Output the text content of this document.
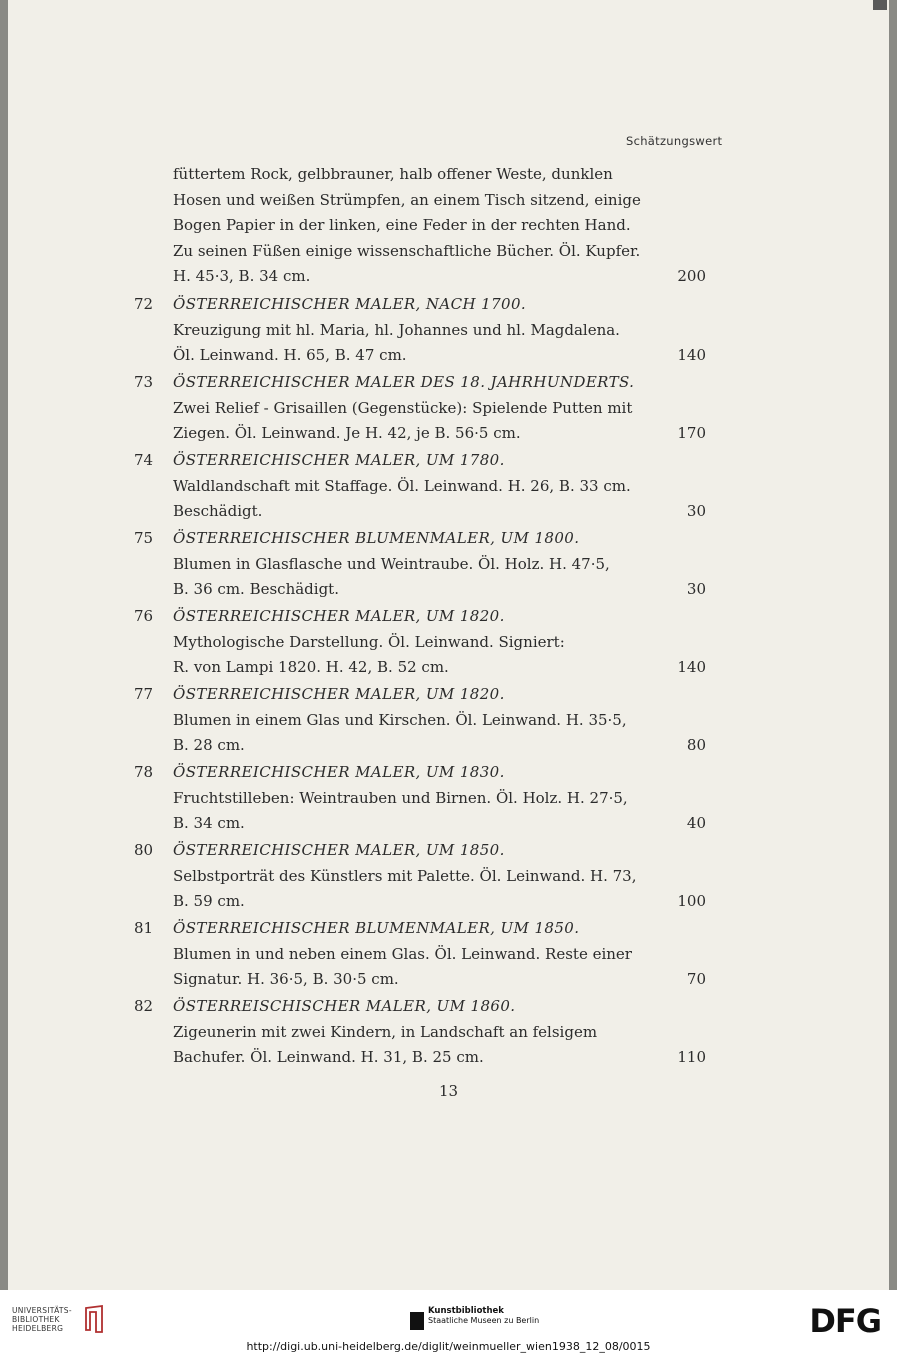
Schätzungswert
füttertem Rock, gelbbrauner, halb offener Weste, dunklen
Hosen und weißen Strümpfen, an einem Tisch sitzend, einige
Bogen Papier in der linken, eine Feder in der rechten Hand.
Zu seinen Füßen einige wissenschaftliche Bücher. Öl. Kupfer.
H. 45·3, B. 34 cm.	200
72 ÖSTERREICHISCHER MALER, NACH 1700.
Kreuzigung mit hl. Maria, hl. Johannes und hl. Magdalena.
Öl. Leinwand. H. 65, B. 47 cm.	140
73 ÖSTERREICHISCHER MALER DES 18. JAHRHUNDERTS.
Zwei Relief - Grisaillen (Gegenstücke): Spielende Putten mit
Ziegen. Öl. Leinwand. Je H. 42, je B. 56·5 cm.	170
74 ÖSTERREICHISCHER MALER, UM 1780.
Waldlandschaft mit Staffage. Öl. Leinwand. H. 26, B. 33 cm.
Beschädigt.	30
75 ÖSTERREICHISCHER BLUMENMALER, UM 1800.
Blumen in Glasflasche und Weintraube. Öl. Holz. H. 47·5,
B. 36 cm. Beschädigt.	30
76 ÖSTERREICHISCHER MALER, UM 1820.
Mythologische Darstellung. Öl. Leinwand. Signiert:
R. von Lampi 1820. H. 42, B. 52 cm.	140
77 ÖSTERREICHISCHER MALER, UM 1820.
Blumen in einem Glas und Kirschen. Öl. Leinwand. H. 35·5,
B. 28 cm.	80
78 ÖSTERREICHISCHER MALER, UM 1830.
Fruchtstilleben: Weintrauben und Birnen. Öl. Holz. H. 27·5,
B. 34 cm.	40
80 ÖSTERREICHISCHER MALER, UM 1850.
Selbstporträt des Künstlers mit Palette. Öl. Leinwand. H. 73,
B. 59 cm.	100
81 ÖSTERREICHISCHER BLUMENMALER, UM 1850.
Blumen in und neben einem Glas. Öl. Leinwand. Reste einer
Signatur. H. 36·5, B. 30·5 cm.	70
82 ÖSTERREISCHISCHER MALER, UM 1860.
Zigeunerin mit zwei Kindern, in Landschaft an felsigem
Bachufer. Öl. Leinwand. H. 31, B. 25 cm.	110
13
UNIVERSITÄTS-
BIBLIOTHEK
HEIDELBERG
Kunstbibliothek
Staatliche Museen zu Berlin	DFG
http://digi.ub.uni-heidelberg.de/diglit/weinmueller_wien1938_12_08/0015
